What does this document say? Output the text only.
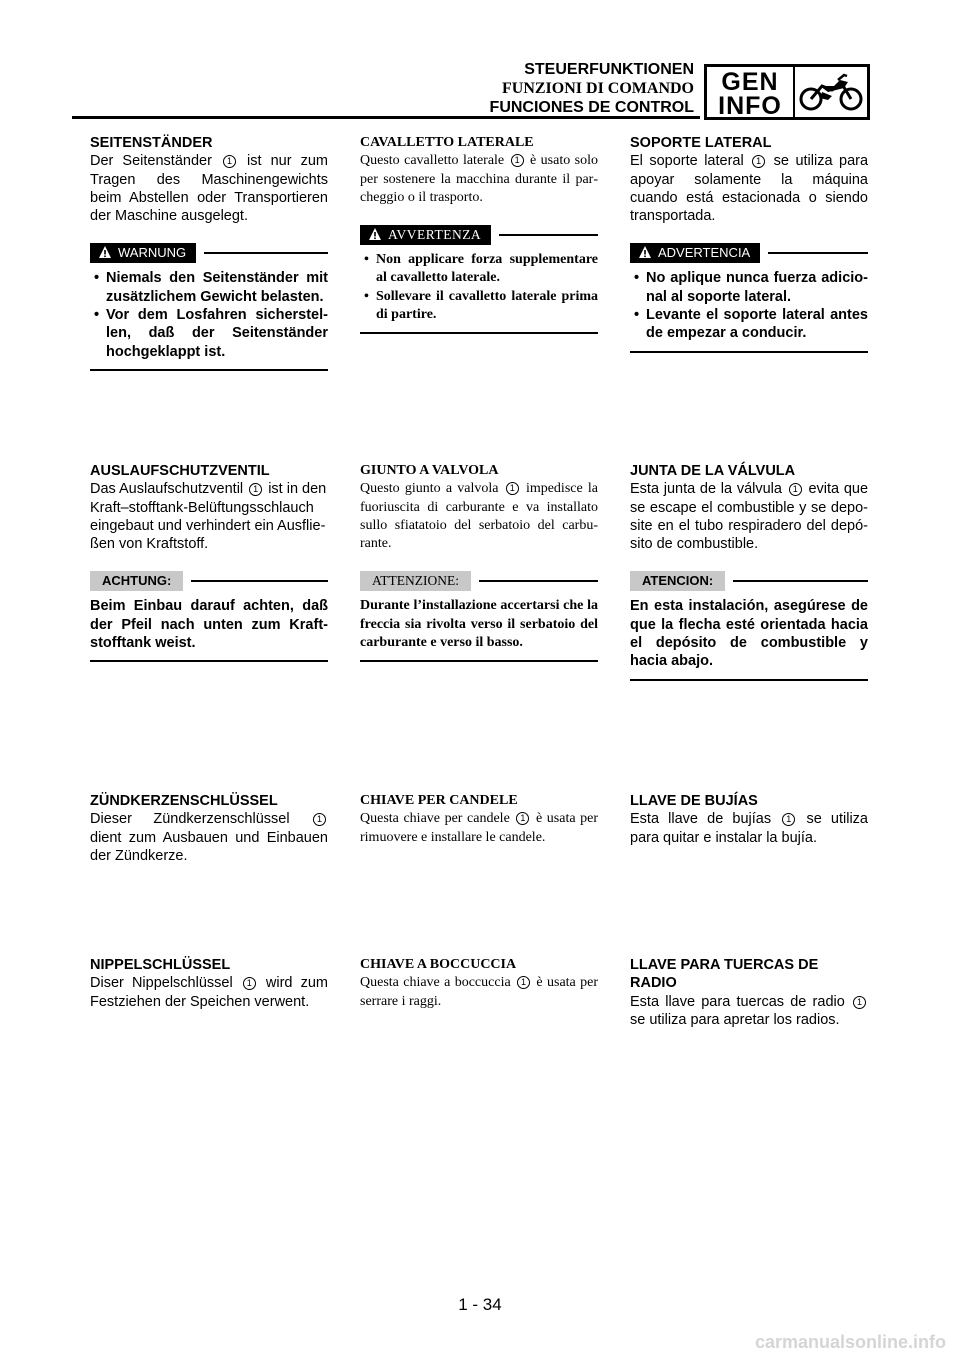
STEUERFUNKTIONEN
FUNZIONI DI COMANDO
FUNCIONES DE CONTROL
GEN
INFO
SEITENSTÄNDER
Der Seitenständer 1 ist nur zum Tragen des Maschinengewichts beim Abstellen oder Transportieren der Maschine ausgelegt.
WARNUNG
• Niemals den Seitenständer mit zusätzlichem Gewicht belasten.
• Vor dem Losfahren sicherstellen, daß der Seitenständer hochgeklappt ist.
CAVALLETTO LATERALE
Questo cavalletto laterale 1 è usato solo per sostenere la macchina durante il parcheggio o il trasporto.
AVVERTENZA
• Non applicare forza supplementare al cavalletto laterale.
• Sollevare il cavalletto laterale prima di partire.
SOPORTE LATERAL
El soporte lateral 1 se utiliza para apoyar solamente la máquina cuando está estacionada o siendo transportada.
ADVERTENCIA
• No aplique nunca fuerza adicional al soporte lateral.
• Levante el soporte lateral antes de empezar a conducir.
AUSLAUFSCHUTZVENTIL
Das Auslaufschutzventil 1 ist in den Kraft–stofftank-Belüftungsschlauch eingebaut und verhindert ein Ausfließen von Kraftstoff.
ACHTUNG:
Beim Einbau darauf achten, daß der Pfeil nach unten zum Kraftstofftank weist.
GIUNTO A VALVOLA
Questo giunto a valvola 1 impedisce la fuoriuscita di carburante e va installato sullo sfiatatoio del serbatoio del carburante.
ATTENZIONE:
Durante l’installazione accertarsi che la freccia sia rivolta verso il serbatoio del carburante e verso il basso.
JUNTA DE LA VÁLVULA
Esta junta de la válvula 1 evita que se escape el combustible y se deposite en el tubo respiradero del depósito de combustible.
ATENCION:
En esta instalación, asegúrese de que la flecha esté orientada hacia el depósito de combustible y hacia abajo.
ZÜNDKERZENSCHLÜSSEL
Dieser Zündkerzenschlüssel	1 dient zum Ausbauen und Einbauen der Zündkerze.
CHIAVE PER CANDELE
Questa chiave per candele 1 è usata per rimuovere e installare le candele.
LLAVE DE BUJÍAS
Esta llave de bujías 1 se utiliza para quitar e instalar la bujía.
NIPPELSCHLÜSSEL
Diser Nippelschlüssel 1 wird zum Festziehen der Speichen verwent.
CHIAVE A BOCCUCCIA
Questa chiave a boccuccia 1 è usata per serrare i raggi.
LLAVE PARA TUERCAS DE RADIO
Esta llave para tuercas de radio 1 se utiliza para apretar los radios.
1 - 34
carmanualsonline.info
